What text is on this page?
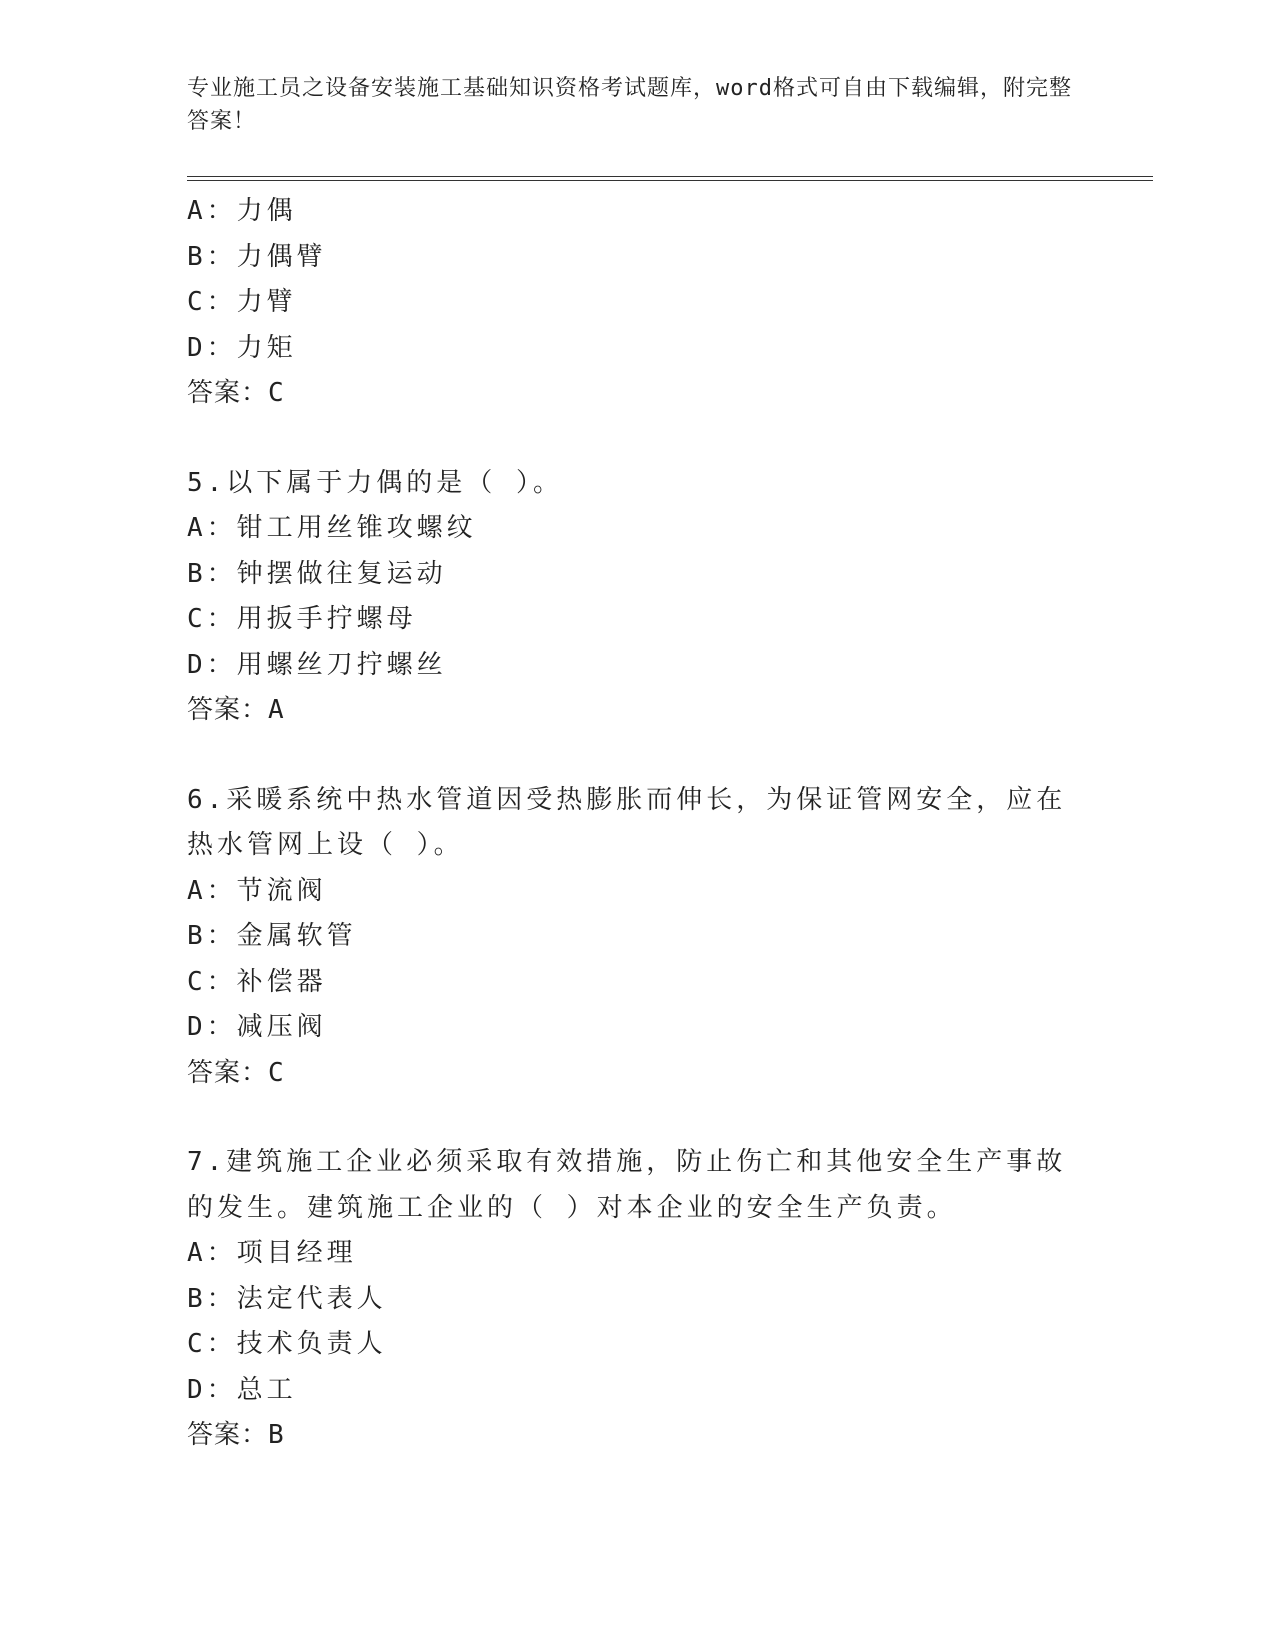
专业施工员之设备安装施工基础知识资格考试题库，word格式可自由下载编辑，附完整答案！
A：力偶
B：力偶臂
C：力臂
D：力矩
答案：C
5.以下属于力偶的是（ ）。
A：钳工用丝锥攻螺纹
B：钟摆做往复运动
C：用扳手拧螺母
D：用螺丝刀拧螺丝
答案：A
6.采暖系统中热水管道因受热膨胀而伸长，为保证管网安全，应在热水管网上设（ ）。
A：节流阀
B：金属软管
C：补偿器
D：减压阀
答案：C
7.建筑施工企业必须采取有效措施，防止伤亡和其他安全生产事故的发生。建筑施工企业的（ ）对本企业的安全生产负责。
A：项目经理
B：法定代表人
C：技术负责人
D：总工
答案：B
